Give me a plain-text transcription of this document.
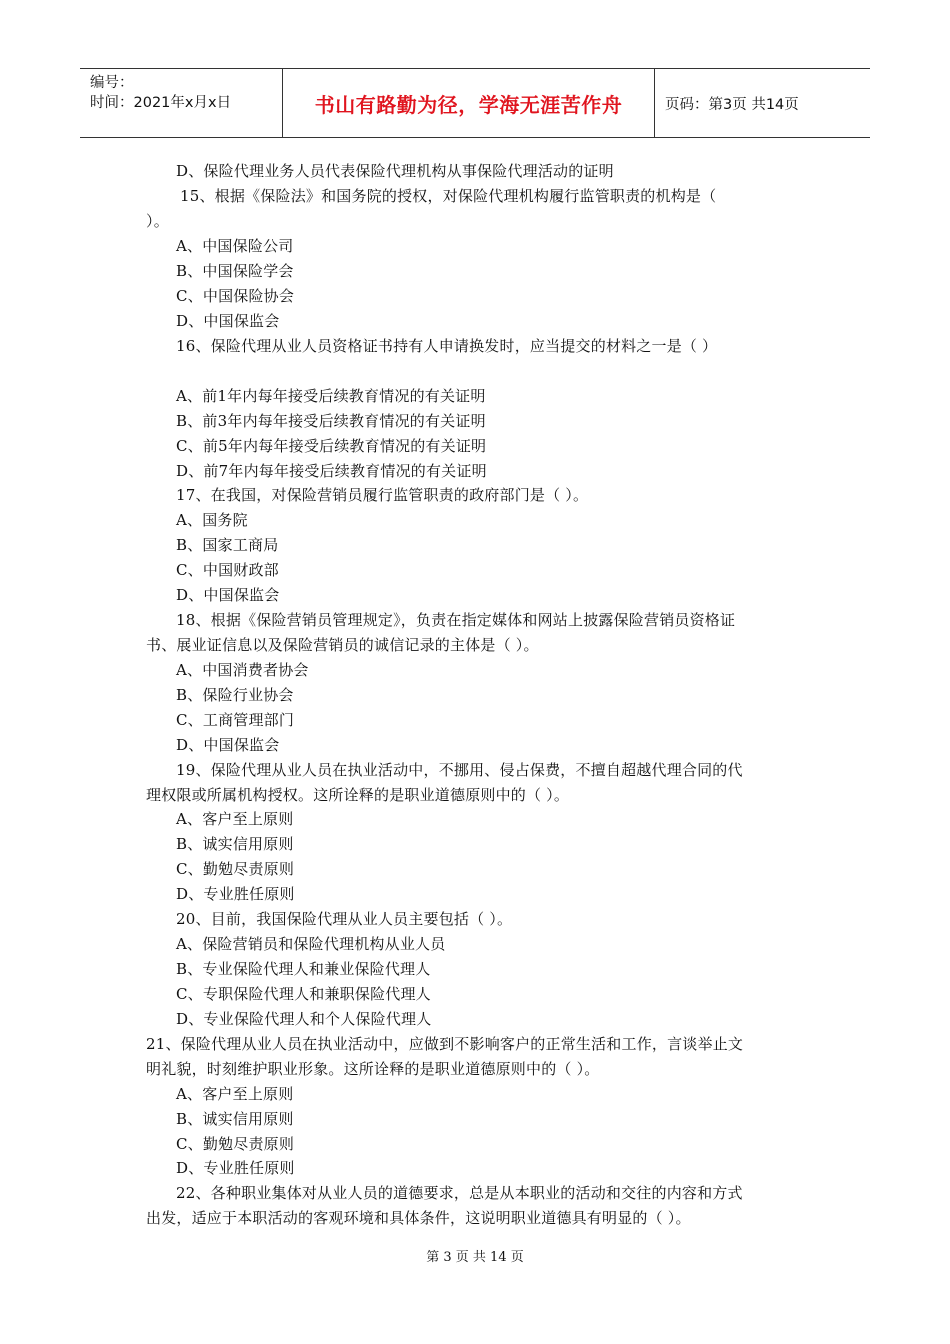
编号：
时间：2021年x月x日	书山有路勤为径，学海无涯苦作舟	页码：第3页 共14页
D、保险代理业务人员代表保险代理机构从事保险代理活动的证明
15、根据《保险法》和国务院的授权，对保险代理机构履行监管职责的机构是（
）。
A、中国保险公司
B、中国保险学会
C、中国保险协会
D、中国保监会
16、保险代理从业人员资格证书持有人申请换发时，应当提交的材料之一是（ ）
A、前1年内每年接受后续教育情况的有关证明
B、前3年内每年接受后续教育情况的有关证明
C、前5年内每年接受后续教育情况的有关证明
D、前7年内每年接受后续教育情况的有关证明
17、在我国，对保险营销员履行监管职责的政府部门是（ ）。
A、国务院
B、国家工商局
C、中国财政部
D、中国保监会
18、根据《保险营销员管理规定》，负责在指定媒体和网站上披露保险营销员资格证
书、展业证信息以及保险营销员的诚信记录的主体是（ ）。
A、中国消费者协会
B、保险行业协会
C、工商管理部门
D、中国保监会
19、保险代理从业人员在执业活动中，不挪用、侵占保费，不擅自超越代理合同的代
理权限或所属机构授权。这所诠释的是职业道德原则中的（ ）。
A、客户至上原则
B、诚实信用原则
C、勤勉尽责原则
D、专业胜任原则
20、目前，我国保险代理从业人员主要包括（ ）。
A、保险营销员和保险代理机构从业人员
B、专业保险代理人和兼业保险代理人
C、专职保险代理人和兼职保险代理人
D、专业保险代理人和个人保险代理人
21、保险代理从业人员在执业活动中，应做到不影响客户的正常生活和工作，言谈举止文
明礼貌，时刻维护职业形象。这所诠释的是职业道德原则中的（ ）。
A、客户至上原则
B、诚实信用原则
C、勤勉尽责原则
D、专业胜任原则
22、各种职业集体对从业人员的道德要求，总是从本职业的活动和交往的内容和方式
出发，适应于本职活动的客观环境和具体条件，这说明职业道德具有明显的（ ）。
第 3 页 共 14 页
